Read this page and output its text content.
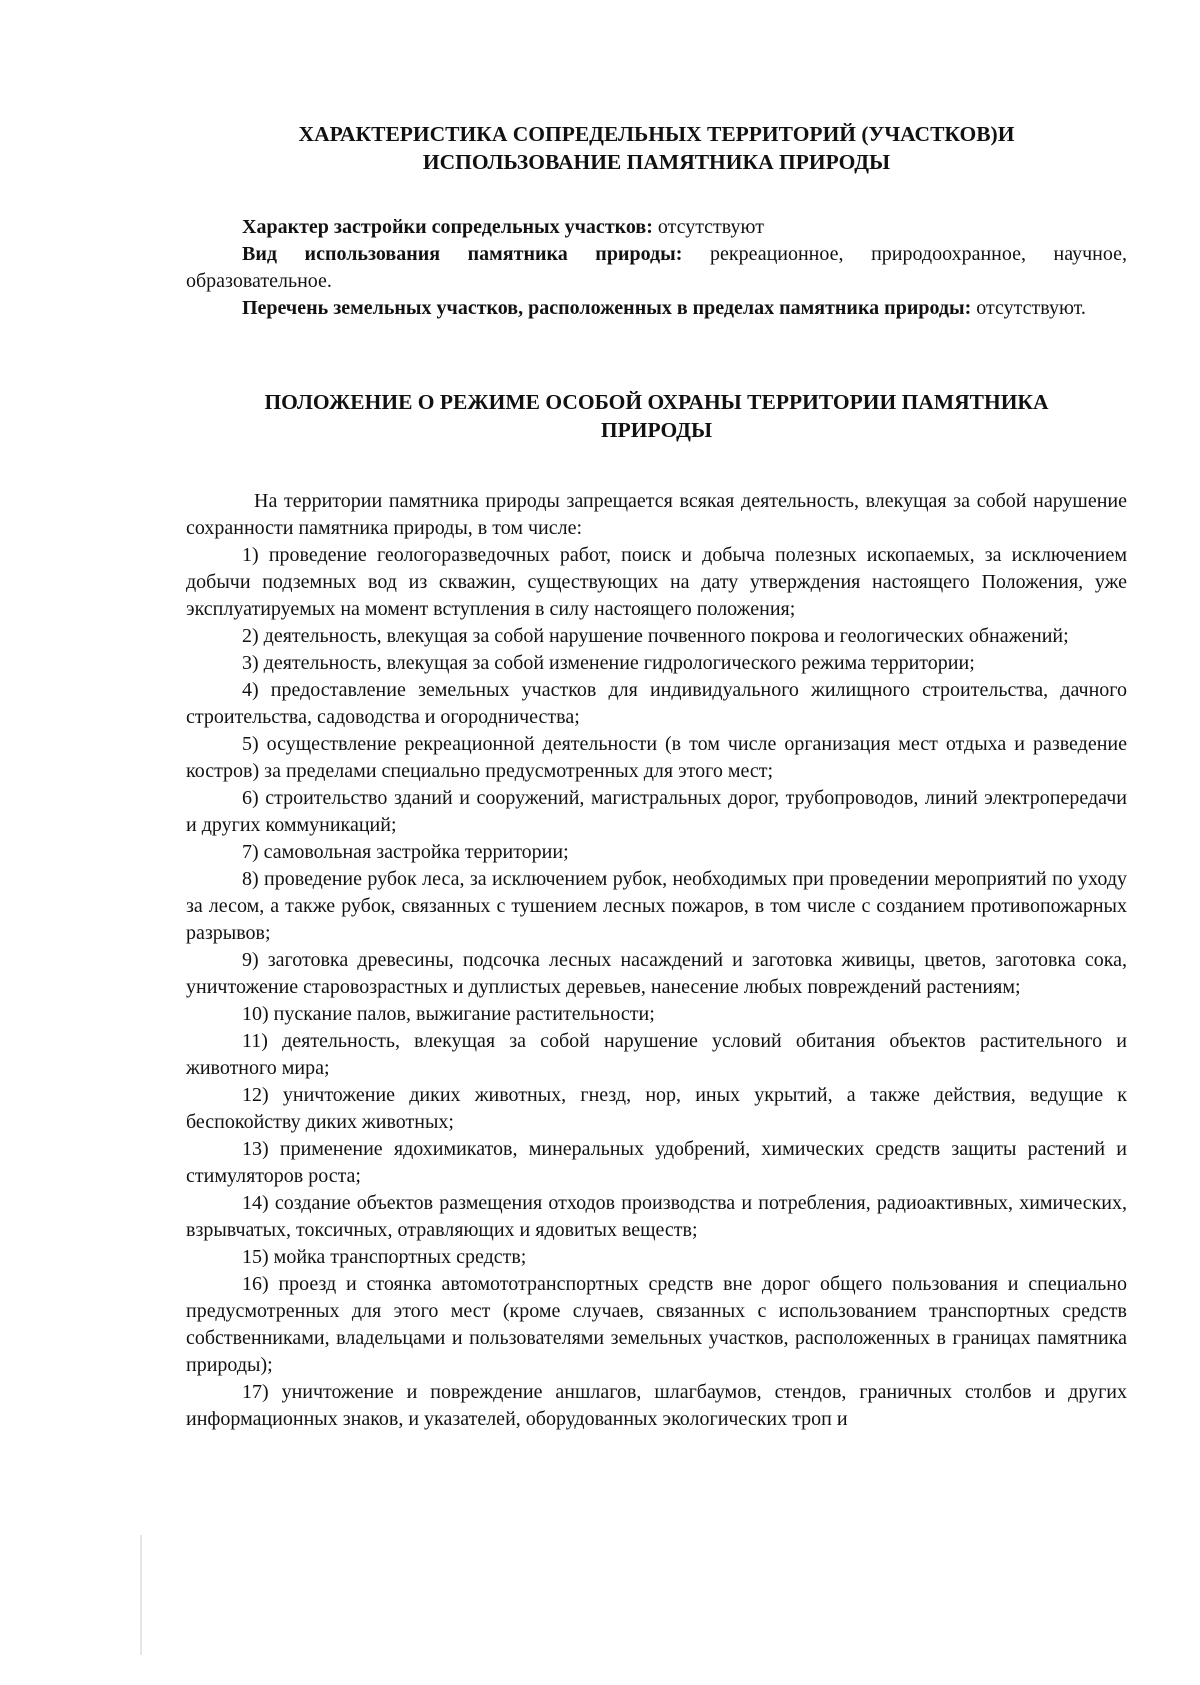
ХАРАКТЕРИСТИКА СОПРЕДЕЛЬНЫХ ТЕРРИТОРИЙ (УЧАСТКОВ)И
ИСПОЛЬЗОВАНИЕ ПАМЯТНИКА ПРИРОДЫ

Характер застройки сопредельных участков: отсутствуют

Вид использования памятника природы: рекреационное, природоохранное, научное, образовательное.

Перечень земельных участков, расположенных в пределах памятника природы: отсутствуют.

ПОЛОЖЕНИЕ О РЕЖИМЕ ОСОБОЙ ОХРАНЫ ТЕРРИТОРИИ ПАМЯТНИКА
ПРИРОДЫ

На территории памятника природы запрещается всякая деятельность, влекущая за собой нарушение сохранности памятника природы, в том числе:

1) проведение геологоразведочных работ, поиск и добыча полезных ископаемых, за исключением добычи подземных вод из скважин, существующих на дату утверждения настоящего Положения, уже эксплуатируемых на момент вступления в силу настоящего положения;

2) деятельность, влекущая за собой нарушение почвенного покрова и геологических обнажений;

3) деятельность, влекущая за собой изменение гидрологического режима территории;

4) предоставление земельных участков для индивидуального жилищного строительства, дачного строительства, садоводства и огородничества;

5) осуществление рекреационной деятельности (в том числе организация мест отдыха и разведение костров) за пределами специально предусмотренных для этого мест;

6) строительство зданий и сооружений, магистральных дорог, трубопроводов, линий электропередачи и других коммуникаций;

7) самовольная застройка территории;

8) проведение рубок леса, за исключением рубок, необходимых при проведении мероприятий по уходу за лесом, а также рубок, связанных с тушением лесных пожаров, в том числе с созданием противопожарных разрывов;

9) заготовка древесины, подсочка лесных насаждений и заготовка живицы, цветов, заготовка сока, уничтожение старовозрастных и дуплистых деревьев, нанесение любых повреждений растениям;

10) пускание палов, выжигание растительности;

11) деятельность, влекущая за собой нарушение условий обитания объектов растительного и животного мира;

12) уничтожение диких животных, гнезд, нор, иных укрытий, а также действия, ведущие к беспокойству диких животных;

13) применение ядохимикатов, минеральных удобрений, химических средств защиты растений и стимуляторов роста;

14) создание объектов размещения отходов производства и потребления, радиоактивных, химических, взрывчатых, токсичных, отравляющих и ядовитых веществ;

15) мойка транспортных средств;

16) проезд и стоянка автомототранспортных средств вне дорог общего пользования и специально предусмотренных для этого мест (кроме случаев, связанных с использованием транспортных средств собственниками, владельцами и пользователями земельных участков, расположенных в границах памятника природы);

17) уничтожение и повреждение аншлагов, шлагбаумов, стендов, граничных столбов и других информационных знаков, и указателей, оборудованных экологических троп и
